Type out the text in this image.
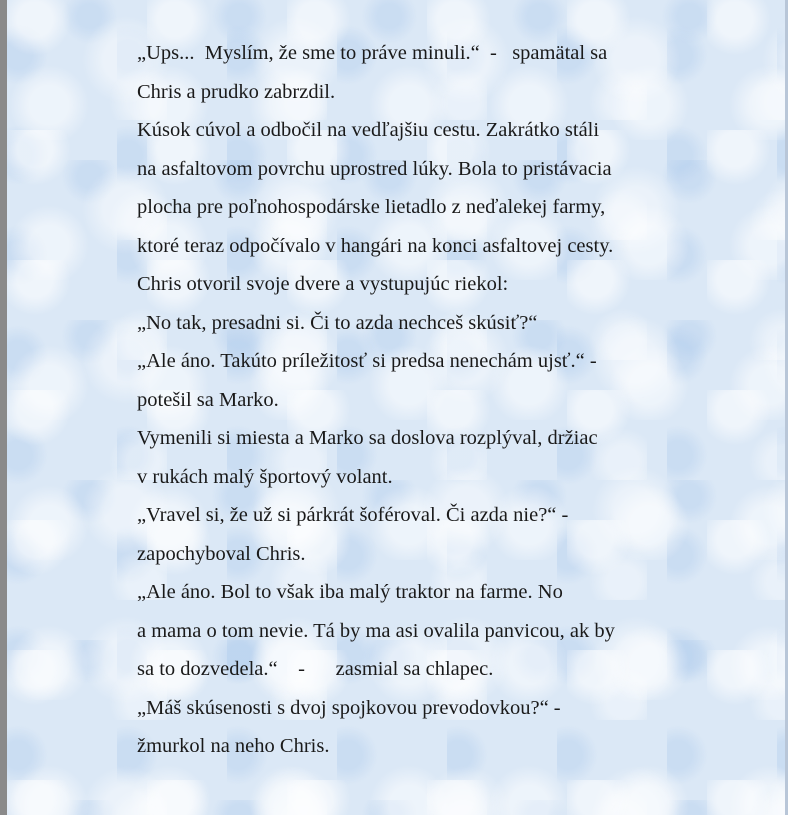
„Ups...  Myslím, že sme to práve minuli.“  -   spamätal sa
Chris a prudko zabrzdil.
Kúsok cúvol a odbočil na vedľajšiu cestu. Zakrátko stáli
na asfaltovom povrchu uprostred lúky. Bola to pristávacia
plocha pre poľnohospodárske lietadlo z neďalekej farmy,
ktoré teraz odpočívalo v hangári na konci asfaltovej cesty.
Chris otvoril svoje dvere a vystupujúc riekol:
„No tak, presadni si. Či to azda nechceš skúsiť?“
„Ale áno. Takúto príležitosť si predsa nenechám ujsť.“ -
potešil sa Marko.
Vymenili si miesta a Marko sa doslova rozplýval, držiac
v rukách malý športový volant.
„Vravel si, že už si párkrát šoféroval. Či azda nie?“ -
zapochyboval Chris.
„Ale áno. Bol to však iba malý traktor na farme. No
a mama o tom nevie. Tá by ma asi ovalila panvicou, ak by
sa to dozvedela.“    -      zasmial sa chlapec.
„Máš skúsenosti s dvoj spojkovou prevodovkou?“ -
žmurkol na neho Chris.
